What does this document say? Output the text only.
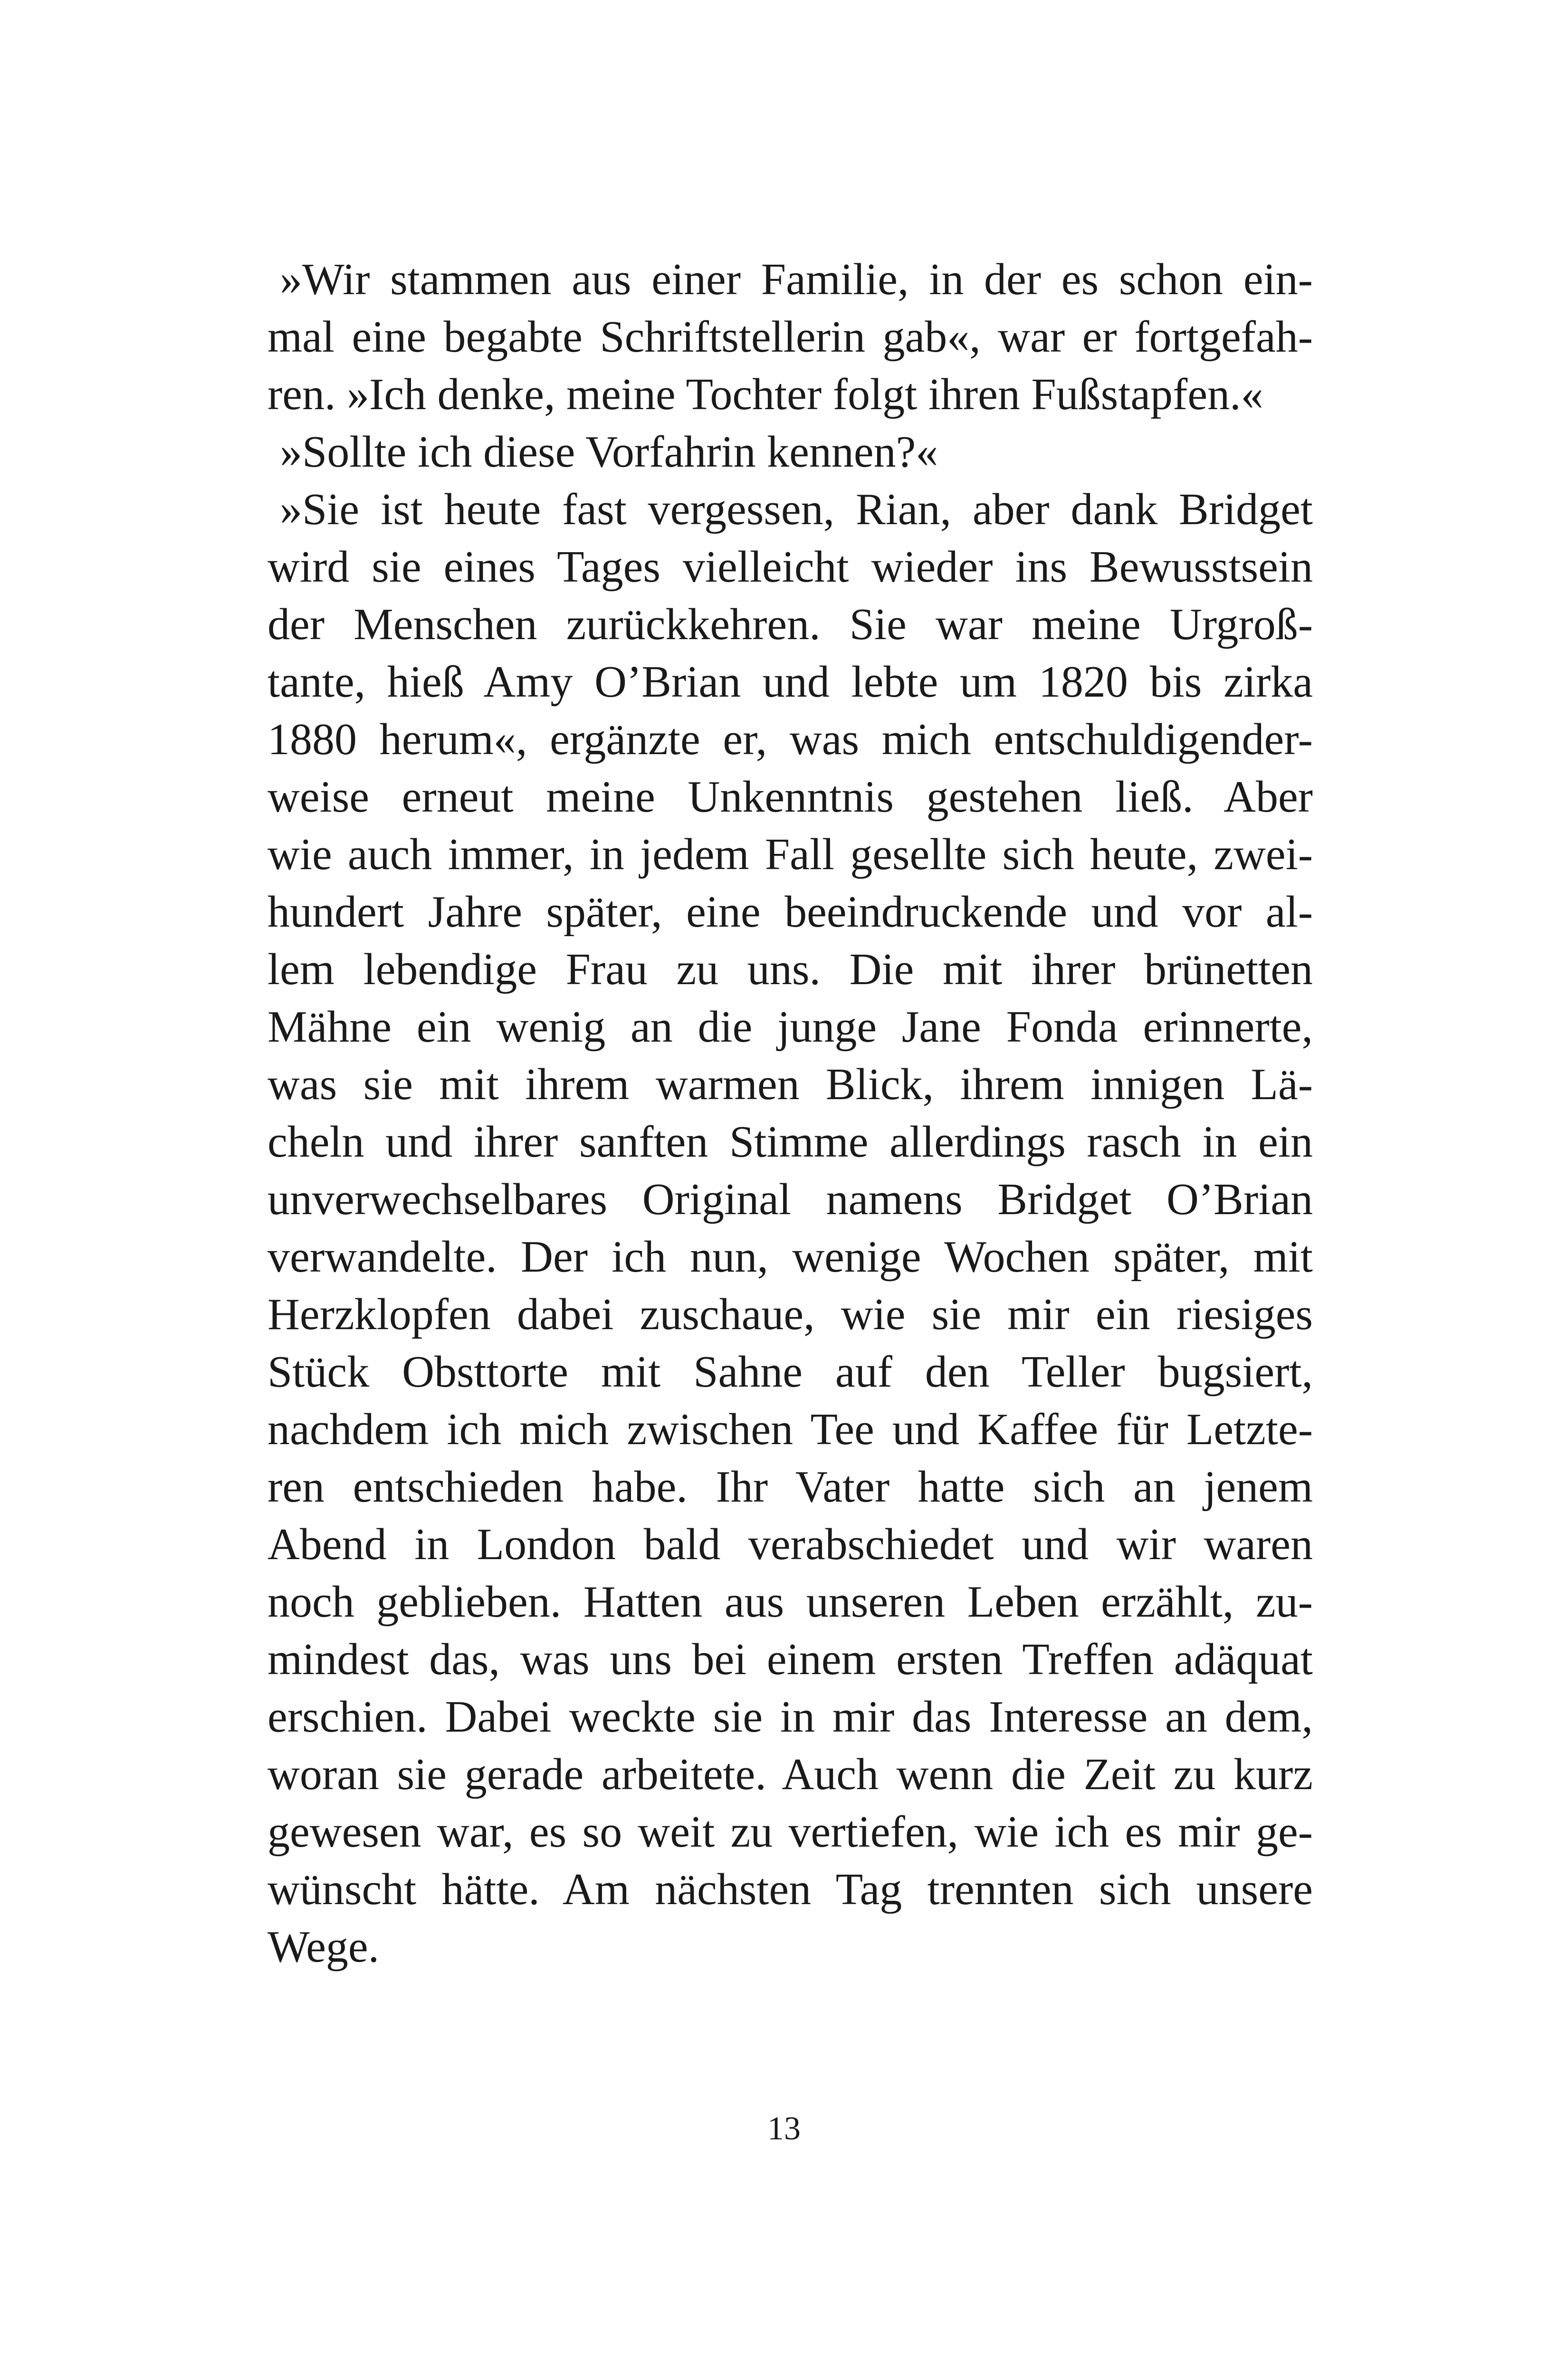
»Wir stammen aus einer Familie, in der es schon ein-
mal eine begabte Schriftstellerin gab«, war er fortgefah-
ren. »Ich denke, meine Tochter folgt ihren Fußstapfen.«
»Sollte ich diese Vorfahrin kennen?«
»Sie ist heute fast vergessen, Rian, aber dank Bridget
wird sie eines Tages vielleicht wieder ins Bewusstsein
der Menschen zurückkehren. Sie war meine Urgroß-
tante, hieß Amy O’Brian und lebte um 1820 bis zirka
1880 herum«, ergänzte er, was mich entschuldigender-
weise erneut meine Unkenntnis gestehen ließ. Aber
wie auch immer, in jedem Fall gesellte sich heute, zwei-
hundert Jahre später, eine beeindruckende und vor al-
lem lebendige Frau zu uns. Die mit ihrer brünetten
Mähne ein wenig an die junge Jane Fonda erinnerte,
was sie mit ihrem warmen Blick, ihrem innigen Lä-
cheln und ihrer sanften Stimme allerdings rasch in ein
unverwechselbares Original namens Bridget O’Brian
verwandelte. Der ich nun, wenige Wochen später, mit
Herzklopfen dabei zuschaue, wie sie mir ein riesiges
Stück Obsttorte mit Sahne auf den Teller bugsiert,
nachdem ich mich zwischen Tee und Kaffee für Letzte-
ren entschieden habe. Ihr Vater hatte sich an jenem
Abend in London bald verabschiedet und wir waren
noch geblieben. Hatten aus unseren Leben erzählt, zu-
mindest das, was uns bei einem ersten Treffen adäquat
erschien. Dabei weckte sie in mir das Interesse an dem,
woran sie gerade arbeitete. Auch wenn die Zeit zu kurz
gewesen war, es so weit zu vertiefen, wie ich es mir ge-
wünscht hätte. Am nächsten Tag trennten sich unsere
Wege.
13
